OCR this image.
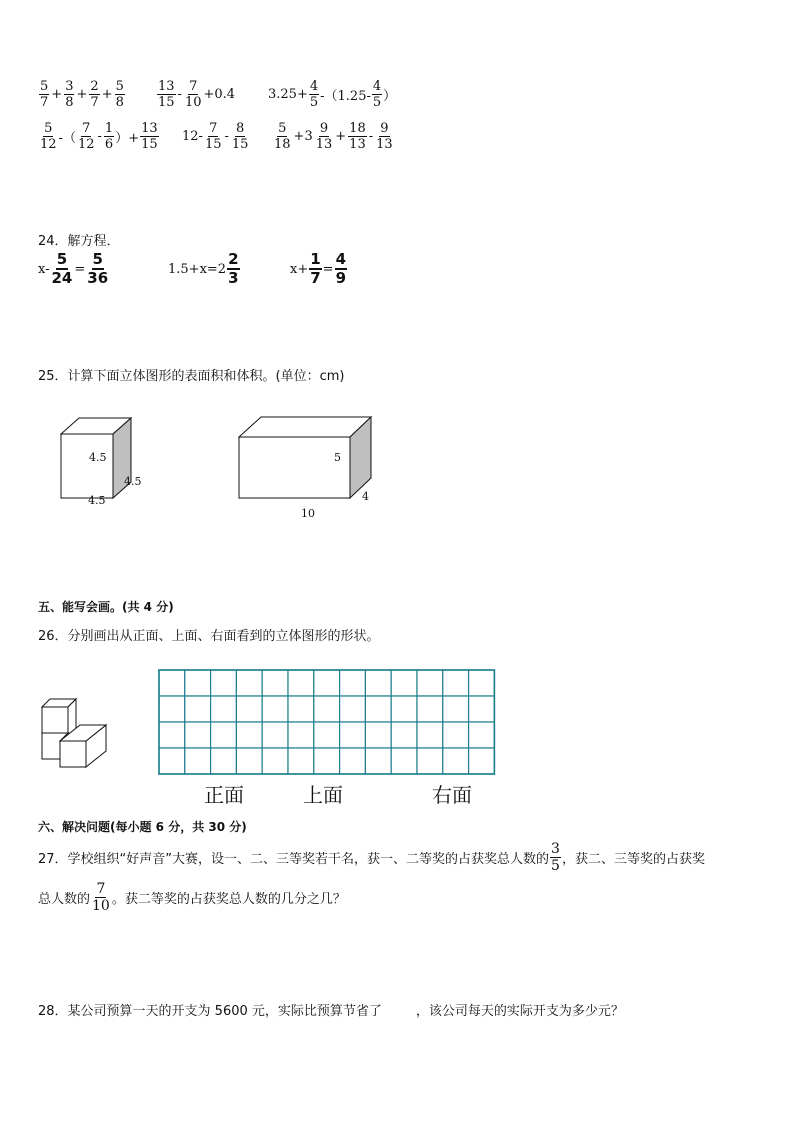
5
7
+ $\frac{3}{8} + \frac{2}{7} + \frac{5}{8}$	13
15
-
7
10
+0.4	$3.25+ \frac{4}{5} -(1.25-$
4
5 ）
5
12 -（
7
12
-
1
6 ）+ $\frac{13}{15} 12-$
7
15
-
8
15
5
18
+3
9
13
+ $\frac{18}{13}$ -
9
13
24．解方程．
$x- \frac{5}{24} = \frac{5}{36}$	1.5+x=2
2
3	$x+ \frac{1}{7} = \frac{4}{9}$
25．计算下面立体图形的表面积和体积。(单位：cm)
4.5
4.5
4.5
5
4
10
五、能写会画。(共 4 分)
26．分别画出从正面、上面、右面看到的立体图形的形状。
正面	上面	右面
六、解决问题(每小题 6 分，共 30 分)
27．学校组织“好声音”大赛，设一、二、三等奖若干名，获一、二等奖的占获奖总人数的
3
5 ，获二、三等奖的占获奖
总人数的
7
10 。获二等奖的占获奖总人数的几分之几？
28．某公司预算一天的开支为 5600 元，实际比预算节省了	，该公司每天的实际开支为多少元？
